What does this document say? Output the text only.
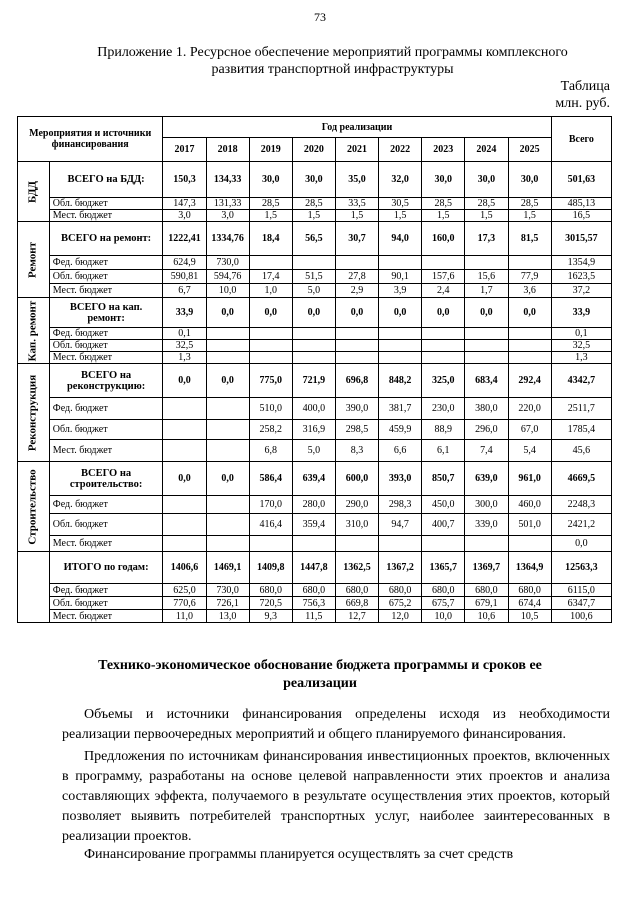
73
Приложение 1. Ресурсное обеспечение мероприятий программы комплексного
развития транспортной инфраструктуры
Таблица
млн. руб.
Мероприятия и источники финансирования		Год реализации									Всего
		2017	2018	2019	2020	2021	2022	2023	2024	2025	

БДД	ВСЕГО на БДД:	150,3	134,33	30,0	30,0	35,0	32,0	30,0	30,0	30,0	501,63
	Обл. бюджет	147,3	131,33	28,5	28,5	33,5	30,5	28,5	28,5	28,5	485,13
	Мест. бюджет	3,0	3,0	1,5	1,5	1,5	1,5	1,5	1,5	1,5	16,5

Ремонт	ВСЕГО на ремонт:	1222,41	1334,76	18,4	56,5	30,7	94,0	160,0	17,3	81,5	3015,57
	Фед. бюджет	624,9	730,0								1354,9
	Обл. бюджет	590,81	594,76	17,4	51,5	27,8	90,1	157,6	15,6	77,9	1623,5
	Мест. бюджет	6,7	10,0	1,0	5,0	2,9	3,9	2,4	1,7	3,6	37,2

Кап. ремонт	ВСЕГО на кап. ремонт:	33,9	0,0	0,0	0,0	0,0	0,0	0,0	0,0	0,0	33,9
	Фед. бюджет	0,1									0,1
	Обл. бюджет	32,5									32,5
	Мест. бюджет	1,3									1,3

Реконструкция	ВСЕГО на реконструкцию:	0,0	0,0	775,0	721,9	696,8	848,2	325,0	683,4	292,4	4342,7
	Фед. бюджет			510,0	400,0	390,0	381,7	230,0	380,0	220,0	2511,7
	Обл. бюджет			258,2	316,9	298,5	459,9	88,9	296,0	67,0	1785,4
	Мест. бюджет			6,8	5,0	8,3	6,6	6,1	7,4	5,4	45,6

Строительство	ВСЕГО на строительство:	0,0	0,0	586,4	639,4	600,0	393,0	850,7	639,0	961,0	4669,5
	Фед. бюджет			170,0	280,0	290,0	298,3	450,0	300,0	460,0	2248,3
	Обл. бюджет			416,4	359,4	310,0	94,7	400,7	339,0	501,0	2421,2
	Мест. бюджет										0,0
	ИТОГО по годам:	1406,6	1469,1	1409,8	1447,8	1362,5	1367,2	1365,7	1369,7	1364,9	12563,3
	Фед. бюджет	625,0	730,0	680,0	680,0	680,0	680,0	680,0	680,0	680,0	6115,0
	Обл. бюджет	770,6	726,1	720,5	756,3	669,8	675,2	675,7	679,1	674,4	6347,7
	Мест. бюджет	11,0	13,0	9,3	11,5	12,7	12,0	10,0	10,6	10,5	100,6
Технико-экономическое обоснование бюджета программы и сроков ее реализации

Объемы и источники финансирования определены исходя из необходимости реализации первоочередных мероприятий и общего планируемого финансирования.

Предложения по источникам финансирования инвестиционных проектов, включенных в программу, разработаны на основе целевой направленности этих проектов и анализа составляющих эффекта, получаемого в результате осуществления этих проектов, который позволяет выявить потребителей транспортных услуг, наиболее заинтересованных в реализации проектов.

Финансирование программы планируется осуществлять за счет средств
